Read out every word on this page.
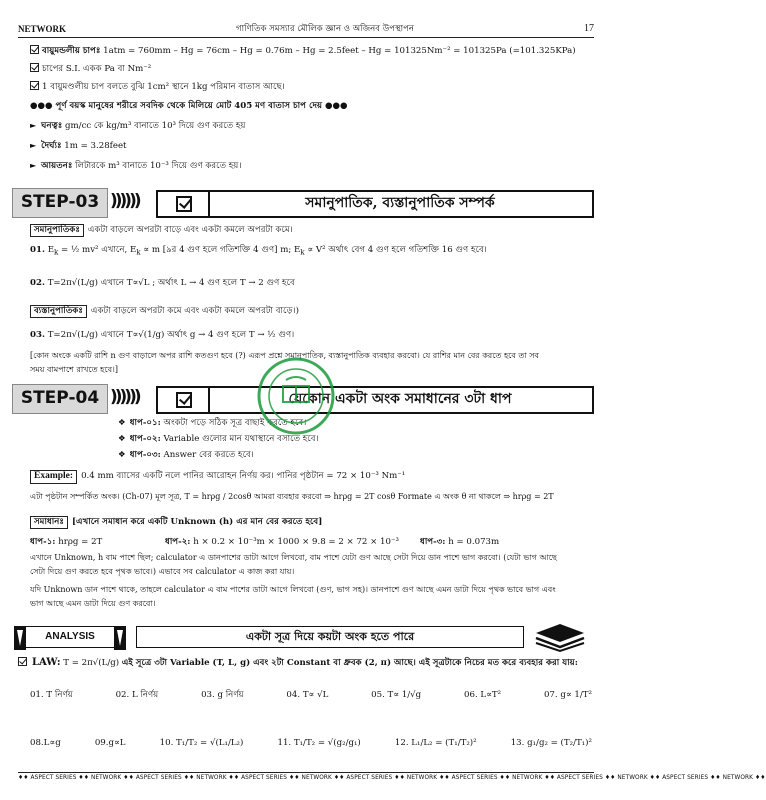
NETWORK	গাণিতিক সমস্যার মৌলিক জ্ঞান ও অজিনব উপস্থাপন	17
বায়ুমন্ডলীয় চাপঃ 1atm = 760mm – Hg = 76cm – Hg = 0.76m – Hg = 2.5feet – Hg = 101325Nm⁻² = 101325Pa (=101.325KPa)
চাপের S.I. একক Pa বা Nm⁻²
1 বায়ুমণ্ডলীয় চাপ বলতে বুঝি 1cm² স্থানে 1kg পরিমান বাতাস আছে।
●●● পূর্ণ বয়স্ক মানুষের শরীরে সবদিক থেকে মিলিয়ে মোট 405 মণ বাতাস চাপ দেয় ●●●
► ঘনত্বঃ gm/cc কে kg/m³ বানাতে 10³ দিয়ে গুণ করতে হয়
► দৈর্ঘ্যঃ 1m = 3.28feet
► আয়তনঃ লিটারকে m³ বানাতে 10⁻³ দিয়ে গুণ করতে হয়।
STEP-03 ))))))	সমানুপাতিক, ব্যস্তানুপাতিক সম্পর্ক
সমানুপাতিকঃ একটা বাড়লে অপরটা বাড়ে এবং একটা কমলে অপরটা কমে।
01. $E_k$ = ½ mv² এখানে, $E_k \propto m$ [৯র 4 গুণ হলে গতিশক্তি 4 গুণ] m; $E_k \propto V^2$ অর্থাৎ বেগ 4 গুণ হলে গতিশক্তি 16 গুণ হবে।
02. T=2π√(L/g) এখানে T∝√L ; অর্থাৎ L → 4 গুণ হলে T → 2 গুণ হবে
ব্যস্তানুপাতিকঃ একটা বাড়লে অপরটা কমে এবং একটা কমলে অপরটা বাড়ে।)
03. T=2π√(L/g) এখানে T∝√(1/g) অর্থাৎ g → 4 গুণ হলে T → ½ গুণ।
[কোন অংকে একটি রাশি n গুণ বাড়ালে অপর রাশি কতগুণ হবে (?) এরূপ প্রশ্নে সমানুপাতিক, ব্যস্তানুপাতিক ব্যবহার করবো। যে রাশির মান বের করতে হবে তা সব
সময় বামপাশে রাখতে হবে।]
STEP-04 ))))))	যেকোন একটা অংক সমাধানের ৩টা ধাপ
❖ ধাপ-০১: অংকটা পড়ে সঠিক সূত্র বাছাই করতে হবে।
❖ ধাপ-০২: Variable গুলোর মান যথাস্থানে বসাতে হবে।
❖ ধাপ-০৩: Answer বের করতে হবে।
Example: 0.4 mm ব্যাসের একটি নলে পানির আরোহন নির্ণয় কর। পানির পৃষ্ঠটান = 72 × 10⁻³ Nm⁻¹
এটা পৃষ্ঠটান সম্পর্কিত অংক। (Ch-07) মূল সূত্র, T = hrρg / 2cosθ আমরা ব্যবহার করবো ⇒ hrρg = 2T cosθ Formate এ অংক θ না থাকলে ⇒ hrρg = 2T
সমাধানঃ [এখানে সমাধান করে একটি Unknown (h) এর মান বের করতে হবে]
ধাপ-১: hrρg = 2T	ধাপ-২: h × 0.2 × 10⁻³m × 1000 × 9.8 = 2 × 72 × 10⁻³	ধাপ-৩: h = 0.073m
এখানে Unknown, h বাম পাশে ছিল; calculator এ ডানপাশের ডাটা আগে লিখবো, বাম পাশে যেটা গুণ আছে সেটা দিয়ে ডান পাশে ভাগ করবো। (যেটা ভাগ আছে
সেটা দিয়ে গুণ করতে হবে পৃথক ভাবে।) এভাবে সব calculator এ কাজ করা যায়।
যদি Unknown ডান পাশে থাকে, তাহলে calculator এ বাম পাশের ডাটা আগে লিখবো (গুণ, ভাগ সহ)। ডানপাশে গুণ আছে এমন ডাটা দিয়ে পৃথক ভাবে ভাগ এবং
ভাগ আছে এমন ডাটা দিয়ে গুণ করবো।
ANALYSIS	একটা সূত্র দিয়ে কয়টা অংক হতে পারে
LAW: T = 2π√(L/g) এই সূত্রে ৩টা Variable (T, L, g) এবং ২টা Constant বা ধ্রুবক (2, π) আছে। এই সূত্রটাকে নিচের মত করে ব্যবহার করা যায়:
01. T নির্ণয়	02. L নির্ণয়	03. g নির্ণয়	04. T∝ √L	05. T∝ 1/√g	06. L∝T²	07. g∝ 1/T²
08.L∝g	09.g∝L	10. T₁/T₂ = √(L₁/L₂)	11. T₁/T₂ = √(g₂/g₁)	12. L₁/L₂ = (T₁/T₂)²	13. g₁/g₂ = (T₂/T₁)²
♦♦ ASPECT SERIES ♦♦ NETWORK ♦♦ ASPECT SERIES ♦♦ NETWORK ♦♦ ASPECT SERIES ♦♦ NETWORK ♦♦ ASPECT SERIES ♦♦ NETWORK ♦♦ ASPECT SERIES ♦♦ NETWORK ♦♦ ASPECT SERIES ♦♦ NETWORK ♦♦ ASPECT SERIES ♦♦ NETWORK ♦♦
